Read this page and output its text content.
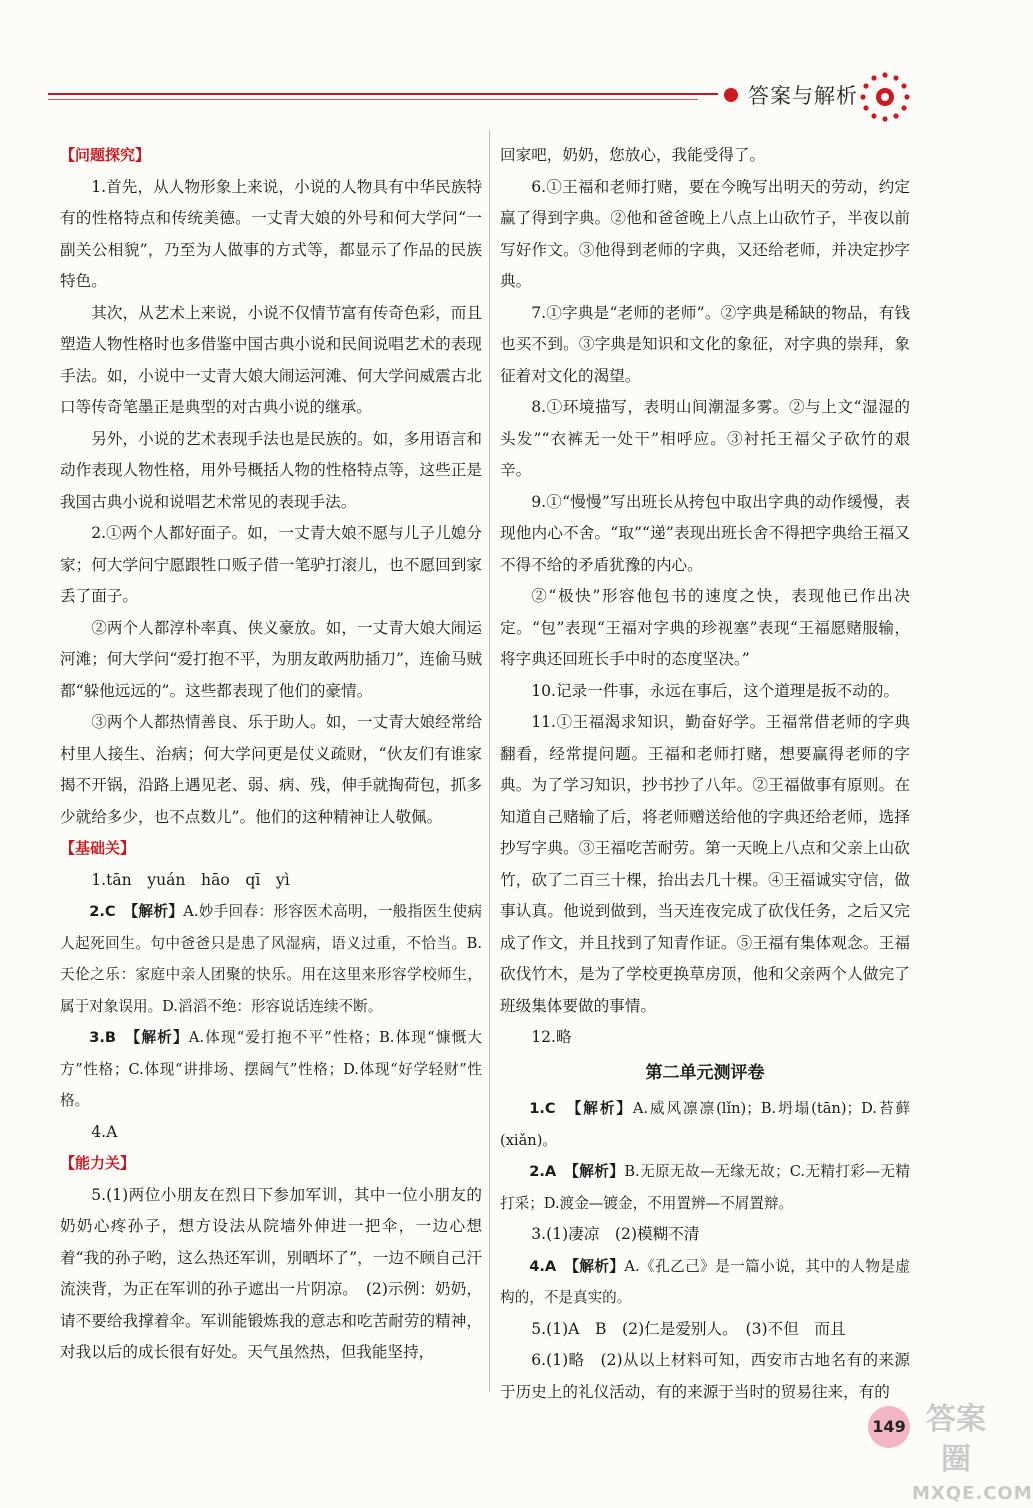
答案与解析

【问题探究】

1.首先，从人物形象上来说，小说的人物具有中华民族特有的性格特点和传统美德。一丈青大娘的外号和何大学问“一副关公相貌”，乃至为人做事的方式等，都显示了作品的民族特色。

其次，从艺术上来说，小说不仅情节富有传奇色彩，而且塑造人物性格时也多借鉴中国古典小说和民间说唱艺术的表现手法。如，小说中一丈青大娘大闹运河滩、何大学问威震古北口等传奇笔墨正是典型的对古典小说的继承。

另外，小说的艺术表现手法也是民族的。如，多用语言和动作表现人物性格，用外号概括人物的性格特点等，这些正是我国古典小说和说唱艺术常见的表现手法。

2.①两个人都好面子。如，一丈青大娘不愿与儿子儿媳分家；何大学问宁愿跟牲口贩子借一笔驴打滚儿，也不愿回到家丢了面子。

②两个人都淳朴率真、侠义豪放。如，一丈青大娘大闹运河滩；何大学问“爱打抱不平，为朋友敢两肋插刀”，连偷马贼都“躲他远远的”。这些都表现了他们的豪情。

③两个人都热情善良、乐于助人。如，一丈青大娘经常给村里人接生、治病；何大学问更是仗义疏财，“伙友们有谁家揭不开锅，沿路上遇见老、弱、病、残，伸手就掏荷包，抓多少就给多少，也不点数儿”。他们的这种精神让人敬佩。

【基础关】

1.tān　yuán　hāo　qī　yì

2.C　【解析】A.妙手回春：形容医术高明，一般指医生使病人起死回生。句中爸爸只是患了风湿病，语义过重，不恰当。B.天伦之乐：家庭中亲人团聚的快乐。用在这里来形容学校师生，属于对象误用。D.滔滔不绝：形容说话连续不断。

3.B　【解析】A.体现“爱打抱不平”性格；B.体现“慷慨大方”性格；C.体现“讲排场、摆阔气”性格；D.体现“好学轻财”性格。

4.A

【能力关】

5.(1)两位小朋友在烈日下参加军训，其中一位小朋友的奶奶心疼孙子，想方设法从院墙外伸进一把伞，一边心想着“我的孙子哟，这么热还军训，别晒坏了”，一边不顾自己汗流浃背，为正在军训的孙子遮出一片阴凉。　(2)示例：奶奶，请不要给我撑着伞。军训能锻炼我的意志和吃苦耐劳的精神，对我以后的成长很有好处。天气虽然热，但我能坚持，

回家吧，奶奶，您放心，我能受得了。

6.①王福和老师打赌，要在今晚写出明天的劳动，约定赢了得到字典。②他和爸爸晚上八点上山砍竹子，半夜以前写好作文。③他得到老师的字典，又还给老师，并决定抄字典。

7.①字典是“老师的老师”。②字典是稀缺的物品，有钱也买不到。③字典是知识和文化的象征，对字典的崇拜，象征着对文化的渴望。

8.①环境描写，表明山间潮湿多雾。②与上文“湿湿的头发”“衣裤无一处干”相呼应。③衬托王福父子砍竹的艰辛。

9.①“慢慢”写出班长从挎包中取出字典的动作缓慢，表现他内心不舍。“取”“递”表现出班长舍不得把字典给王福又不得不给的矛盾犹豫的内心。

②“极快”形容他包书的速度之快，表现他已作出决定。“包”表现“王福对字典的珍视塞”表现“王福愿赌服输，将字典还回班长手中时的态度坚决。”

10.记录一件事，永远在事后，这个道理是扳不动的。

11.①王福渴求知识，勤奋好学。王福常借老师的字典翻看，经常提问题。王福和老师打赌，想要赢得老师的字典。为了学习知识，抄书抄了八年。②王福做事有原则。在知道自己赌输了后，将老师赠送给他的字典还给老师，选择抄写字典。③王福吃苦耐劳。第一天晚上八点和父亲上山砍竹，砍了二百三十棵，抬出去几十棵。④王福诚实守信，做事认真。他说到做到，当天连夜完成了砍伐任务，之后又完成了作文，并且找到了知青作证。⑤王福有集体观念。王福砍伐竹木，是为了学校更换草房顶，他和父亲两个人做完了班级集体要做的事情。

12.略

第二单元测评卷

1.C　【解析】A.威风凛凛(lǐn)；B.坍塌(tān)；D.苔藓(xiǎn)。

2.A　【解析】B.无原无故—无缘无故；C.无精打彩—无精打采；D.渡金—镀金，不用置辨—不屑置辩。

3.(1)凄凉　(2)模糊不清

4.A　【解析】A.《孔乙己》是一篇小说，其中的人物是虚构的，不是真实的。

5.(1)A　B　(2)仁是爱别人。　(3)不但　而且

6.(1)略　(2)从以上材料可知，西安市古地名有的来源于历史上的礼仪活动，有的来源于当时的贸易往来，有的

149 答案圈
MXQE.COM
